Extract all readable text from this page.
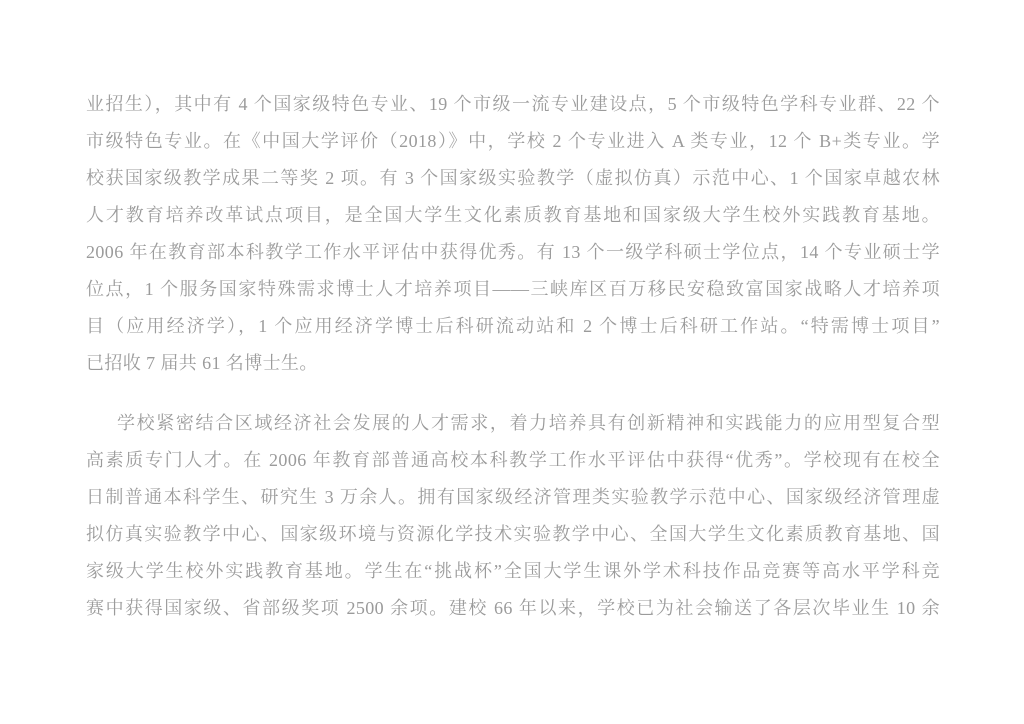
业招生），其中有 4 个国家级特色专业、19 个市级一流专业建设点，5 个市级特色学科专业群、22 个
市级特色专业。在《中国大学评价（2018）》中，学校 2 个专业进入 A 类专业，12 个 B+类专业。学
校获国家级教学成果二等奖 2 项。有 3 个国家级实验教学（虚拟仿真）示范中心、1 个国家卓越农林
人才教育培养改革试点项目，是全国大学生文化素质教育基地和国家级大学生校外实践教育基地。
2006 年在教育部本科教学工作水平评估中获得优秀。有 13 个一级学科硕士学位点，14 个专业硕士学
位点，1 个服务国家特殊需求博士人才培养项目——三峡库区百万移民安稳致富国家战略人才培养项
目（应用经济学），1 个应用经济学博士后科研流动站和 2 个博士后科研工作站。“特需博士项目”
已招收 7 届共 61 名博士生。
学校紧密结合区域经济社会发展的人才需求，着力培养具有创新精神和实践能力的应用型复合型
高素质专门人才。在 2006 年教育部普通高校本科教学工作水平评估中获得“优秀”。学校现有在校全
日制普通本科学生、研究生 3 万余人。拥有国家级经济管理类实验教学示范中心、国家级经济管理虚
拟仿真实验教学中心、国家级环境与资源化学技术实验教学中心、全国大学生文化素质教育基地、国
家级大学生校外实践教育基地。学生在“挑战杯”全国大学生课外学术科技作品竞赛等高水平学科竞
赛中获得国家级、省部级奖项 2500 余项。建校 66 年以来，学校已为社会输送了各层次毕业生 10 余
